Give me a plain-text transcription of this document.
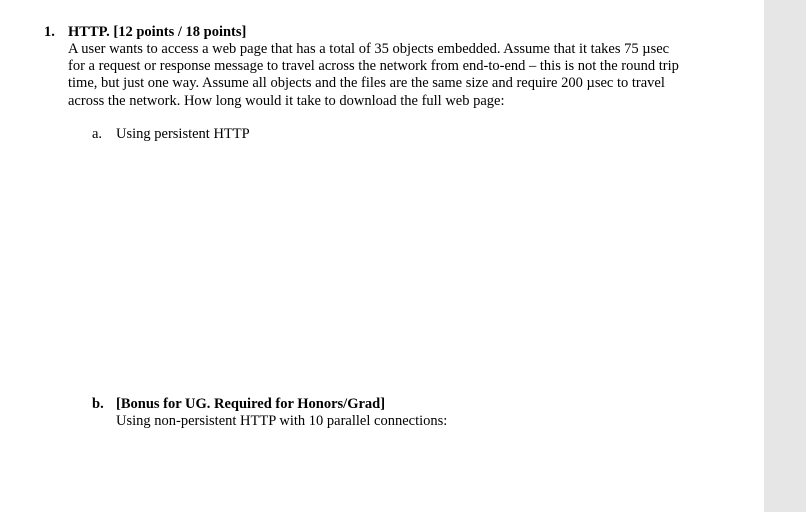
1. HTTP. [12 points / 18 points]
A user wants to access a web page that has a total of 35 objects embedded. Assume that it takes 75 µsec
for a request or response message to travel across the network from end-to-end – this is not the round trip
time, but just one way. Assume all objects and the files are the same size and require 200 µsec to travel
across the network. How long would it take to download the full web page:
a. Using persistent HTTP
b. [Bonus for UG. Required for Honors/Grad]
Using non-persistent HTTP with 10 parallel connections:
